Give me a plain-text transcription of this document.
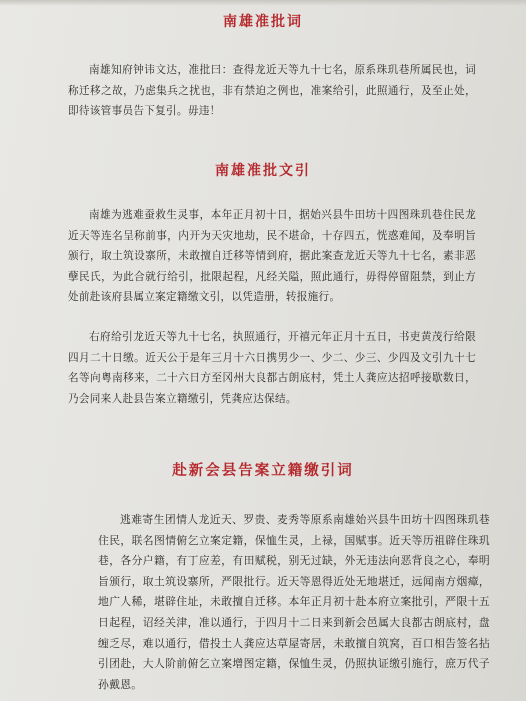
南雄准批词

南雄知府钟讳文达，准批曰：查得龙近天等九十七名，原系珠玑巷所属民也，词称迁移之故，乃虑集兵之扰也，非有禁迫之例也，准案给引，此照通行，及至止处，即待该管事员告下复引。毋违！

南雄准批文引

南雄为逃难蚕救生灵事，本年正月初十日，据始兴县牛田坊十四图珠玑巷住民龙近天等连名呈称前事，内开为天灾地劫，民不堪命，十存四五，恍惑难闻，及奉明旨颁行，取土筑设寨所，未敢擅自迁移等情到府，据此案查龙近天等九十七名，素非恶孽民氏，为此合就行给引，批限起程，凡经关隘，照此通行，毋得停留阻禁，到止方处前赴该府县属立案定籍缴文引，以凭造册，转报施行。

右府给引龙近天等九十七名，执照通行，开禧元年正月十五日，书吏黄茂行给限四月二十日缴。近天公于是年三月十六日携男少一、少二、少三、少四及文引九十七名等向粤南移来，二十六日方至冈州大良都古朗底村，凭土人龚应达招呼接歇数日，乃会同来人赴县告案立籍缴引，凭龚应达保结。

赴新会县告案立籍缴引词

逃难寄生团情人龙近天、罗贵、麦秀等原系南雄始兴县牛田坊十四图珠玑巷住民，联名图情俯乞立案定籍，保恤生灵，上禄，国赋事。近天等历祖辟住珠玑巷，各分户籍，有丁应差，有田赋税，别无过缺，外无违法向恶背良之心，奉明旨颁行，取土筑设寨所，严限批行。近天等恩得近处无地堪迁，远闻南方烟瘴，地广人稀，堪辟住址，未敢擅自迁移。本年正月初十赴本府立案批引，严限十五日起程，诏经关津，准以通行，于四月十二日来到新会邑属大良都古朗底村，盘缠乏尽，难以通行，借投土人龚应达草屋寄居，未敢擅自筑窝，百口相告签名拈引团赴，大人阶前俯乞立案增图定籍，保恤生灵，仍照执证缴引施行，庶万代子孙戴恩。
